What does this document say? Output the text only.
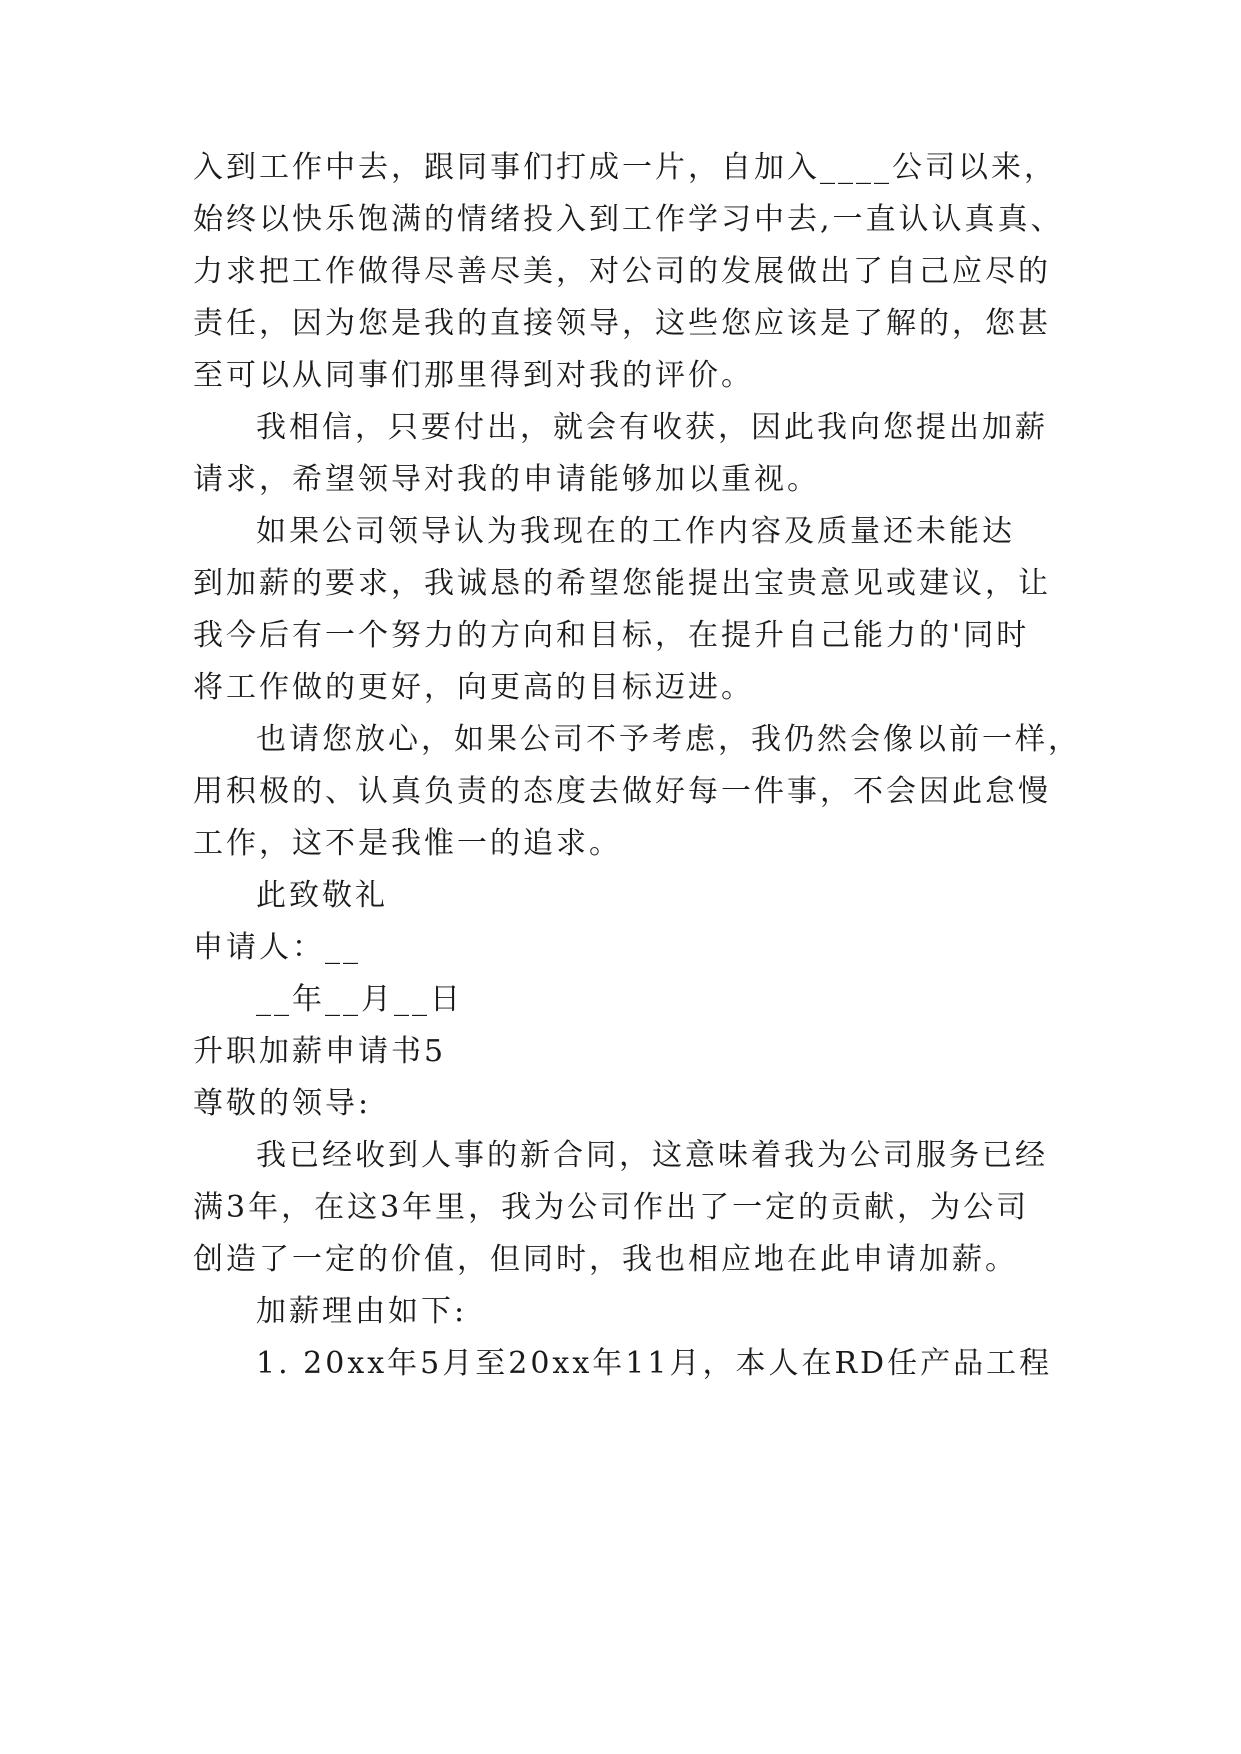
入到工作中去，跟同事们打成一片，自加入____公司以来，
始终以快乐饱满的情绪投入到工作学习中去,一直认认真真、
力求把工作做得尽善尽美，对公司的发展做出了自己应尽的
责任，因为您是我的直接领导，这些您应该是了解的，您甚
至可以从同事们那里得到对我的评价。
我相信，只要付出，就会有收获，因此我向您提出加薪
请求，希望领导对我的申请能够加以重视。
如果公司领导认为我现在的工作内容及质量还未能达
到加薪的要求，我诚恳的希望您能提出宝贵意见或建议，让
我今后有一个努力的方向和目标，在提升自己能力的'同时
将工作做的更好，向更高的目标迈进。
也请您放心，如果公司不予考虑，我仍然会像以前一样，
用积极的、认真负责的态度去做好每一件事，不会因此怠慢
工作，这不是我惟一的追求。
此致敬礼
申请人：__
__年__月__日
升职加薪申请书5
尊敬的领导:
我已经收到人事的新合同，这意味着我为公司服务已经
满3年，在这3年里，我为公司作出了一定的贡献，为公司
创造了一定的价值，但同时，我也相应地在此申请加薪。
加薪理由如下:
1. 20xx年5月至20xx年11月，本人在RD任产品工程
